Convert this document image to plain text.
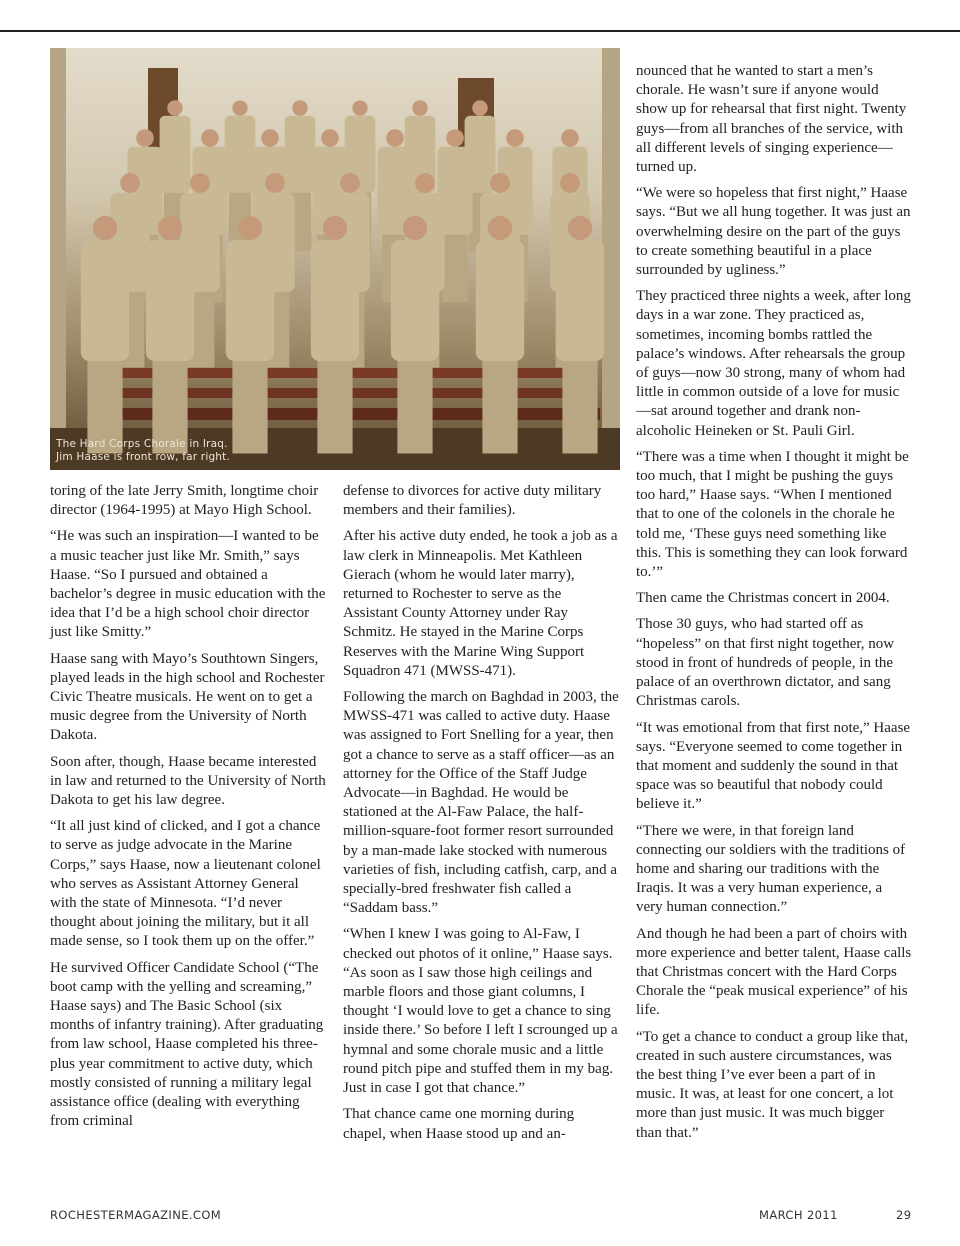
The Hard Corps Chorale in Iraq.
Jim Haase is front row, far right.

toring of the late Jerry Smith, longtime choir director (1964-1995) at Mayo High School.

“He was such an inspiration—I wanted to be a music teacher just like Mr. Smith,” says Haase. “So I pursued and obtained a bachelor’s degree in music education with the idea that I’d be a high school choir director just like Smitty.”

Haase sang with Mayo’s Southtown Singers, played leads in the high school and Rochester Civic Theatre musicals. He went on to get a music degree from the University of North Dakota.

Soon after, though, Haase became interested in law and returned to the University of North Dakota to get his law degree.

“It all just kind of clicked, and I got a chance to serve as judge advocate in the Marine Corps,” says Haase, now a lieutenant colonel who serves as Assistant Attorney General with the state of Minnesota. “I’d never thought about joining the military, but it all made sense, so I took them up on the offer.”

He survived Officer Candidate School (“The boot camp with the yelling and screaming,” Haase says) and The Basic School (six months of infantry training). After graduating from law school, Haase completed his three-plus year commitment to active duty, which mostly consisted of running a military legal assistance office (dealing with everything from criminal

defense to divorces for active duty military members and their families).

After his active duty ended, he took a job as a law clerk in Minneapolis. Met Kathleen Gierach (whom he would later marry), returned to Rochester to serve as the Assistant County Attorney under Ray Schmitz. He stayed in the Marine Corps Reserves with the Marine Wing Support Squadron 471 (MWSS-471).

Following the march on Baghdad in 2003, the MWSS-471 was called to active duty. Haase was assigned to Fort Snelling for a year, then got a chance to serve as a staff officer—as an attorney for the Office of the Staff Judge Advocate—in Baghdad. He would be stationed at the Al-Faw Palace, the half-million-square-foot former resort surrounded by a man-made lake stocked with numerous varieties of fish, including catfish, carp, and a specially-bred freshwater fish called a “Saddam bass.”

“When I knew I was going to Al-Faw, I checked out photos of it online,” Haase says. “As soon as I saw those high ceilings and marble floors and those giant columns, I thought ‘I would love to get a chance to sing inside there.’ So before I left I scrounged up a hymnal and some chorale music and a little round pitch pipe and stuffed them in my bag. Just in case I got that chance.”

That chance came one morning during chapel, when Haase stood up and an-

nounced that he wanted to start a men’s chorale. He wasn’t sure if anyone would show up for rehearsal that first night. Twenty guys—from all branches of the service, with all different levels of singing experience—turned up.

“We were so hopeless that first night,” Haase says. “But we all hung together. It was just an overwhelming desire on the part of the guys to create something beautiful in a place surrounded by ugliness.”

They practiced three nights a week, after long days in a war zone. They practiced as, sometimes, incoming bombs rattled the palace’s windows. After rehearsals the group of guys—now 30 strong, many of whom had little in common outside of a love for music—sat around together and drank non-alcoholic Heineken or St. Pauli Girl.

“There was a time when I thought it might be too much, that I might be pushing the guys too hard,” Haase says. “When I mentioned that to one of the colonels in the chorale he told me, ‘These guys need something like this. This is something they can look forward to.’”

Then came the Christmas concert in 2004.

Those 30 guys, who had started off as “hopeless” on that first night together, now stood in front of hundreds of people, in the palace of an overthrown dictator, and sang Christmas carols.

“It was emotional from that first note,” Haase says. “Everyone seemed to come together in that moment and suddenly the sound in that space was so beautiful that nobody could believe it.”

“There we were, in that foreign land connecting our soldiers with the traditions of home and sharing our traditions with the Iraqis. It was a very human experience, a very human connection.”

And though he had been a part of choirs with more experience and better talent, Haase calls that Christmas concert with the Hard Corps Chorale the “peak musical experience” of his life.

“To get a chance to conduct a group like that, created in such austere circumstances, was the best thing I’ve ever been a part of in music. It was, at least for one concert, a lot more than just music. It was much bigger than that.”

ROCHESTERMAGAZINE.COM	MARCH 2011	29
